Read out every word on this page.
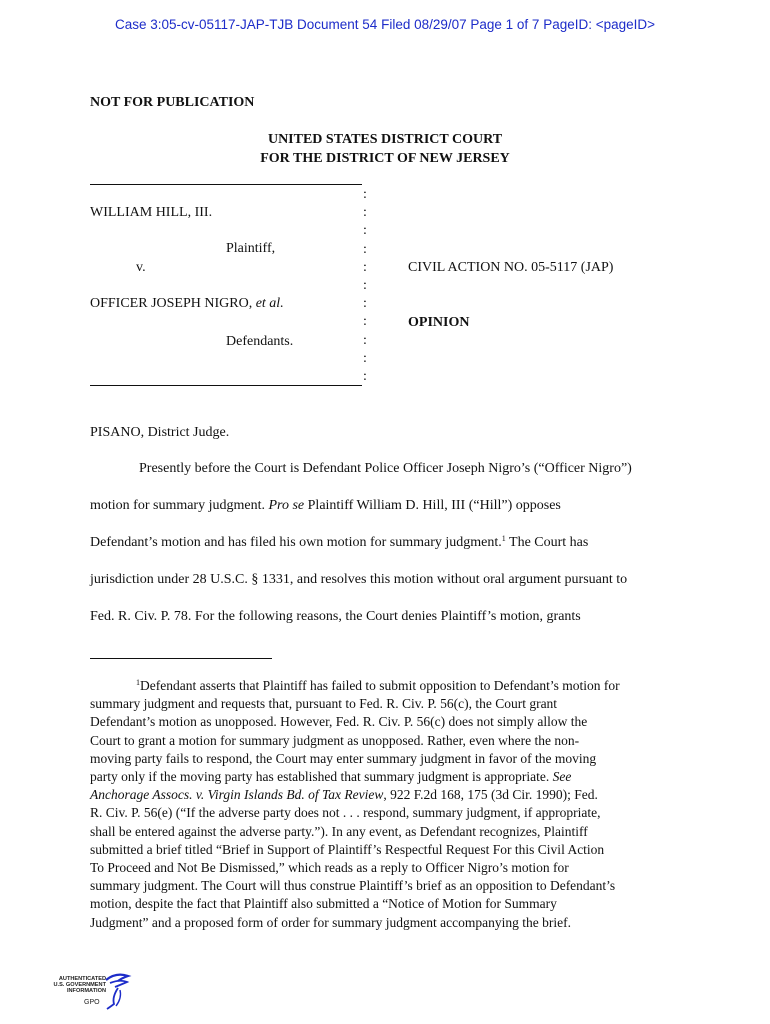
Case 3:05-cv-05117-JAP-TJB Document 54 Filed 08/29/07 Page 1 of 7 PageID: <pageID>
NOT FOR PUBLICATION
UNITED STATES DISTRICT COURT
FOR THE DISTRICT OF NEW JERSEY
:
:
:
:
:
:
:
:
:
:
:
WILLIAM HILL, III.
Plaintiff,
v.
OFFICER JOSEPH NIGRO, et al.
Defendants.
CIVIL ACTION NO. 05-5117 (JAP)
OPINION
PISANO, District Judge.
Presently before the Court is Defendant Police Officer Joseph Nigro’s (“Officer Nigro”)
motion for summary judgment. Pro se Plaintiff William D. Hill, III (“Hill”) opposes
Defendant’s motion and has filed his own motion for summary judgment.$^1$ The Court has
jurisdiction under 28 U.S.C. § 1331, and resolves this motion without oral argument pursuant to
Fed. R. Civ. P. 78. For the following reasons, the Court denies Plaintiff’s motion, grants
$^1$Defendant asserts that Plaintiff has failed to submit opposition to Defendant’s motion for
summary judgment and requests that, pursuant to Fed. R. Civ. P. 56(c), the Court grant
Defendant’s motion as unopposed. However, Fed. R. Civ. P. 56(c) does not simply allow the
Court to grant a motion for summary judgment as unopposed. Rather, even where the non-
moving party fails to respond, the Court may enter summary judgment in favor of the moving
party only if the moving party has established that summary judgment is appropriate. See
Anchorage Assocs. v. Virgin Islands Bd. of Tax Review, 922 F.2d 168, 175 (3d Cir. 1990); Fed.
R. Civ. P. 56(e) (“If the adverse party does not . . . respond, summary judgment, if appropriate,
shall be entered against the adverse party.”). In any event, as Defendant recognizes, Plaintiff
submitted a brief titled “Brief in Support of Plaintiff’s Respectful Request For this Civil Action
To Proceed and Not Be Dismissed,” which reads as a reply to Officer Nigro’s motion for
summary judgment. The Court will thus construe Plaintiff’s brief as an opposition to Defendant’s
motion, despite the fact that Plaintiff also submitted a “Notice of Motion for Summary
Judgment” and a proposed form of order for summary judgment accompanying the brief.
AUTHENTICATED
U.S. GOVERNMENT
INFORMATION
GPO
